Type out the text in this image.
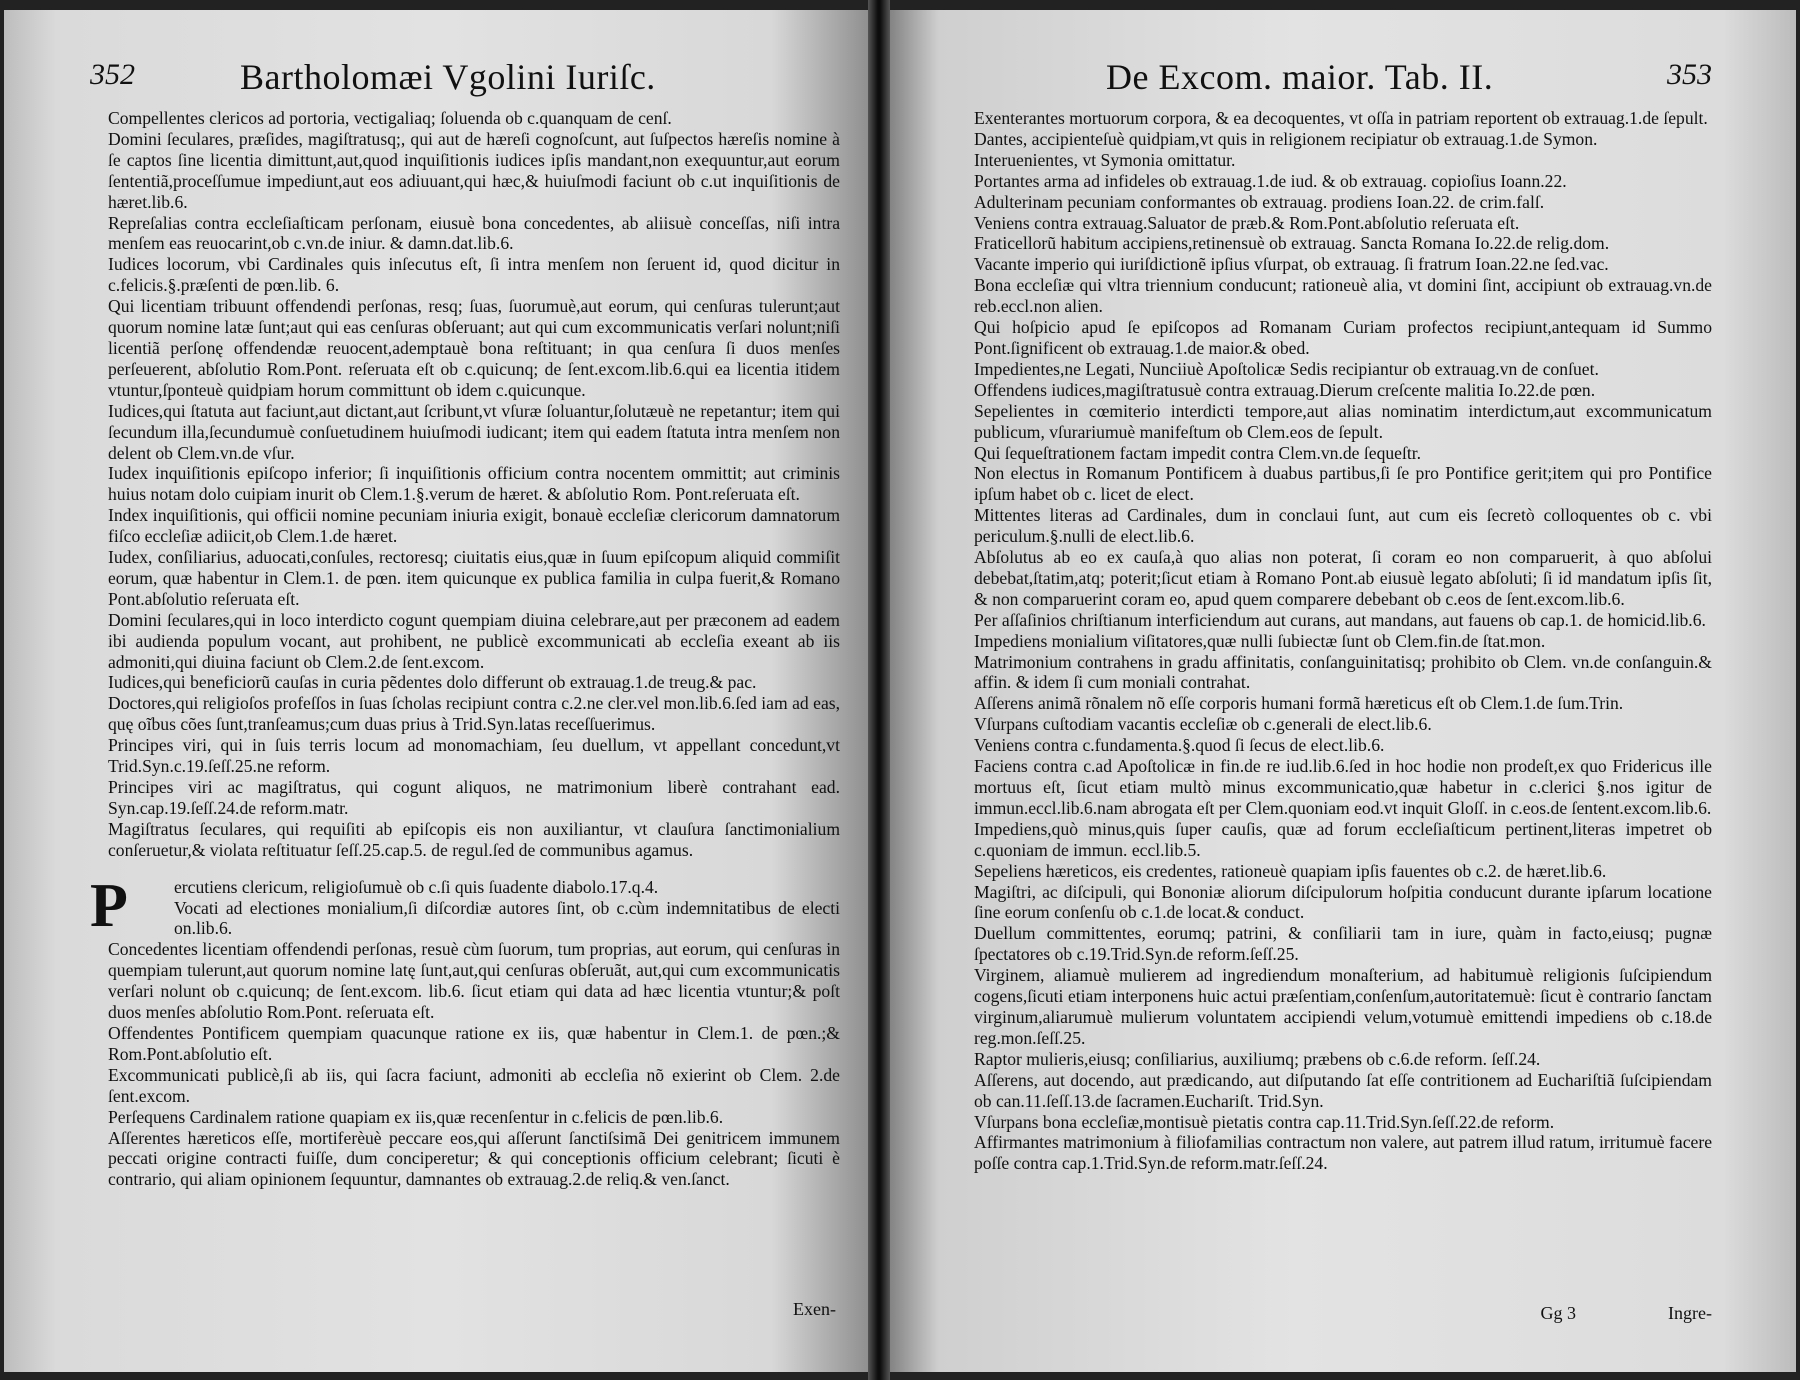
352	Bartholomæi Vgolini Iuriſc.

Compellentes clericos ad portoria, vectigaliaq; ſoluenda ob c.quanquam de cenſ.

Domini ſeculares, præſides, magiſtratusq;, qui aut de hæreſi cognoſcunt, aut ſuſpectos hæreſis nomine à ſe captos ſine licentia dimittunt,aut,quod inquiſitionis iudices ipſis mandant,non exequuntur,aut eorum ſententiã,proceſſumue impediunt,aut eos adiuuant,qui hæc,& huiuſmodi faciunt ob c.ut inquiſitionis de hæret.lib.6.

Repreſalias contra eccleſiaſticam perſonam, eiusuè bona concedentes, ab aliisuè conceſſas, niſi intra menſem eas reuocarint,ob c.vn.de iniur. & damn.dat.lib.6.

Iudices locorum, vbi Cardinales quis inſecutus eſt, ſi intra menſem non ſeruent id, quod dicitur in c.felicis.§.præſenti de pœn.lib. 6.

Qui licentiam tribuunt offendendi perſonas, resq; ſuas, ſuorumuè,aut eorum, qui cenſuras tulerunt;aut quorum nomine latæ ſunt;aut qui eas cenſuras obſeruant; aut qui cum excommunicatis verſari nolunt;niſi licentiã perſonę offendendæ reuocent,ademptauè bona reſtituant; in qua cenſura ſi duos menſes perſeuerent, abſolutio Rom.Pont. reſeruata eſt ob c.quicunq; de ſent.excom.lib.6.qui ea licentia itidem vtuntur,ſponteuè quidpiam horum committunt ob idem c.quicunque.

Iudices,qui ſtatuta aut faciunt,aut dictant,aut ſcribunt,vt vſuræ ſoluantur,ſolutæuè ne repetantur; item qui ſecundum illa,ſecundumuè conſuetudinem huiuſmodi iudicant; item qui eadem ſtatuta intra menſem non delent ob Clem.vn.de vſur.

Iudex inquiſitionis epiſcopo inferior; ſi inquiſitionis officium contra nocentem ommittit; aut criminis huius notam dolo cuipiam inurit ob Clem.1.§.verum de hæret. & abſolutio Rom. Pont.reſeruata eſt.

Index inquiſitionis, qui officii nomine pecuniam iniuria exigit, bonauè eccleſiæ clericorum damnatorum fiſco eccleſiæ adiicit,ob Clem.1.de hæret.

Iudex, conſiliarius, aduocati,conſules, rectoresq; ciuitatis eius,quæ in ſuum epiſcopum aliquid commiſit eorum, quæ habentur in Clem.1. de pœn. item quicunque ex publica familia in culpa fuerit,& Romano Pont.abſolutio reſeruata eſt.

Domini ſeculares,qui in loco interdicto cogunt quempiam diuina celebrare,aut per præconem ad eadem ibi audienda populum vocant, aut prohibent, ne publicè excommunicati ab eccleſia exeant ab iis admoniti,qui diuina faciunt ob Clem.2.de ſent.excom.

Iudices,qui beneficiorũ cauſas in curia pẽdentes dolo differunt ob extrauag.1.de treug.& pac.

Doctores,qui religioſos profeſſos in ſuas ſcholas recipiunt contra c.2.ne cler.vel mon.lib.6.ſed iam ad eas, quę oĩbus cões ſunt,tranſeamus;cum duas prius à Trid.Syn.latas receſſuerimus.

Principes viri, qui in ſuis terris locum ad monomachiam, ſeu duellum, vt appellant concedunt,vt Trid.Syn.c.19.ſeſſ.25.ne reform.

Principes viri ac magiſtratus, qui cogunt aliquos, ne matrimonium liberè contrahant ead. Syn.cap.19.ſeſſ.24.de reform.matr.

Magiſtratus ſeculares, qui requiſiti ab epiſcopis eis non auxiliantur, vt clauſura ſanctimonialium conſeruetur,& violata reſtituatur ſeſſ.25.cap.5. de regul.ſed de communibus agamus.

P	ercutiens clericum, religioſumuè ob c.ſi quis ſuadente diabolo.17.q.4.

Vocati ad electiones monialium,ſi diſcordiæ autores ſint, ob c.cùm indemnitatibus de electi on.lib.6.

Concedentes licentiam offendendi perſonas, resuè cùm ſuorum, tum proprias, aut eorum, qui cenſuras in quempiam tulerunt,aut quorum nomine latę ſunt,aut,qui cenſuras obſeruãt, aut,qui cum excommunicatis verſari nolunt ob c.quicunq; de ſent.excom. lib.6. ſicut etiam qui data ad hæc licentia vtuntur;& poſt duos menſes abſolutio Rom.Pont. reſeruata eſt.

Offendentes Pontificem quempiam quacunque ratione ex iis, quæ habentur in Clem.1. de pœn.;& Rom.Pont.abſolutio eſt.

Excommunicati publicè,ſi ab iis, qui ſacra faciunt, admoniti ab eccleſia nõ exierint ob Clem. 2.de ſent.excom.

Perſequens Cardinalem ratione quapiam ex iis,quæ recenſentur in c.felicis de pœn.lib.6.

Aſſerentes hæreticos eſſe, mortiferèuè peccare eos,qui aſſerunt ſanctiſsimã Dei genitricem immunem peccati origine contracti fuiſſe, dum conciperetur; & qui conceptionis officium celebrant; ſicuti è contrario, qui aliam opinionem ſequuntur, damnantes ob extrauag.2.de reliq.& ven.ſanct.

Exen-
De Excom. maior. Tab. II.	353

Exenterantes mortuorum corpora, & ea decoquentes, vt oſſa in patriam reportent ob extrauag.1.de ſepult.

Dantes, accipienteſuè quidpiam,vt quis in religionem recipiatur ob extrauag.1.de Symon.

Interuenientes, vt Symonia omittatur.

Portantes arma ad infideles ob extrauag.1.de iud. & ob extrauag. copioſius Ioann.22.

Adulterinam pecuniam conformantes ob extrauag. prodiens Ioan.22. de crim.falſ.

Veniens contra extrauag.Saluator de præb.& Rom.Pont.abſolutio reſeruata eſt.

Fraticellorũ habitum accipiens,retinensuè ob extrauag. Sancta Romana Io.22.de relig.dom.

Vacante imperio qui iuriſdictionẽ ipſius vſurpat, ob extrauag. ſi fratrum Ioan.22.ne ſed.vac.

Bona eccleſiæ qui vltra triennium conducunt; rationeuè alia, vt domini ſint, accipiunt ob extrauag.vn.de reb.eccl.non alien.

Qui hoſpicio apud ſe epiſcopos ad Romanam Curiam profectos recipiunt,antequam id Summo Pont.ſignificent ob extrauag.1.de maior.& obed.

Impedientes,ne Legati, Nunciiuè Apoſtolicæ Sedis recipiantur ob extrauag.vn de conſuet.

Offendens iudices,magiſtratusuè contra extrauag.Dierum creſcente malitia Io.22.de pœn.

Sepelientes in cœmiterio interdicti tempore,aut alias nominatim interdictum,aut excommunicatum publicum, vſurariumuè manifeſtum ob Clem.eos de ſepult.

Qui ſequeſtrationem factam impedit contra Clem.vn.de ſequeſtr.

Non electus in Romanum Pontificem à duabus partibus,ſi ſe pro Pontifice gerit;item qui pro Pontifice ipſum habet ob c. licet de elect.

Mittentes literas ad Cardinales, dum in conclaui ſunt, aut cum eis ſecretò colloquentes ob c. vbi periculum.§.nulli de elect.lib.6.

Abſolutus ab eo ex cauſa,à quo alias non poterat, ſi coram eo non comparuerit, à quo abſolui debebat,ſtatim,atq; poterit;ſicut etiam à Romano Pont.ab eiusuè legato abſoluti; ſi id mandatum ipſis ſit, & non comparuerint coram eo, apud quem comparere debebant ob c.eos de ſent.excom.lib.6.

Per aſſaſinios chriſtianum interficiendum aut curans, aut mandans, aut fauens ob cap.1. de homicid.lib.6.

Impediens monialium viſitatores,quæ nulli ſubiectæ ſunt ob Clem.fin.de ſtat.mon.

Matrimonium contrahens in gradu affinitatis, conſanguinitatisq; prohibito ob Clem. vn.de conſanguin.& affin. & idem ſi cum moniali contrahat.

Aſſerens animã rõnalem nõ eſſe corporis humani formã hæreticus eſt ob Clem.1.de ſum.Trin.

Vſurpans cuſtodiam vacantis eccleſiæ ob c.generali de elect.lib.6.

Veniens contra c.fundamenta.§.quod ſi ſecus de elect.lib.6.

Faciens contra c.ad Apoſtolicæ in fin.de re iud.lib.6.ſed in hoc hodie non prodeſt,ex quo Fridericus ille mortuus eſt, ſicut etiam multò minus excommunicatio,quæ habetur in c.clerici §.nos igitur de immun.eccl.lib.6.nam abrogata eſt per Clem.quoniam eod.vt inquit Gloſſ. in c.eos.de ſentent.excom.lib.6.

Impediens,quò minus,quis ſuper cauſis, quæ ad forum eccleſiaſticum pertinent,literas impetret ob c.quoniam de immun. eccl.lib.5.

Sepeliens hæreticos, eis credentes, rationeuè quapiam ipſis fauentes ob c.2. de hæret.lib.6.

Magiſtri, ac diſcipuli, qui Bononiæ aliorum diſcipulorum hoſpitia conducunt durante ipſarum locatione ſine eorum conſenſu ob c.1.de locat.& conduct.

Duellum committentes, eorumq; patrini, & conſiliarii tam in iure, quàm in facto,eiusq; pugnæ ſpectatores ob c.19.Trid.Syn.de reform.ſeſſ.25.

Virginem, aliamuè mulierem ad ingrediendum monaſterium, ad habitumuè religionis ſuſcipiendum cogens,ſicuti etiam interponens huic actui præſentiam,conſenſum,autoritatemuè: ſicut è contrario ſanctam virginum,aliarumuè mulierum voluntatem accipiendi velum,votumuè emittendi impediens ob c.18.de reg.mon.ſeſſ.25.

Raptor mulieris,eiusq; conſiliarius, auxiliumq; præbens ob c.6.de reform. ſeſſ.24.

Aſſerens, aut docendo, aut prædicando, aut diſputando ſat eſſe contritionem ad Euchariſtiã ſuſcipiendam ob can.11.ſeſſ.13.de ſacramen.Euchariſt. Trid.Syn.

Vſurpans bona eccleſiæ,montisuè pietatis contra cap.11.Trid.Syn.ſeſſ.22.de reform.

Affirmantes matrimonium à filiofamilias contractum non valere, aut patrem illud ratum, irritumuè facere poſſe contra cap.1.Trid.Syn.de reform.matr.ſeſſ.24.

Gg 3	Ingre-
